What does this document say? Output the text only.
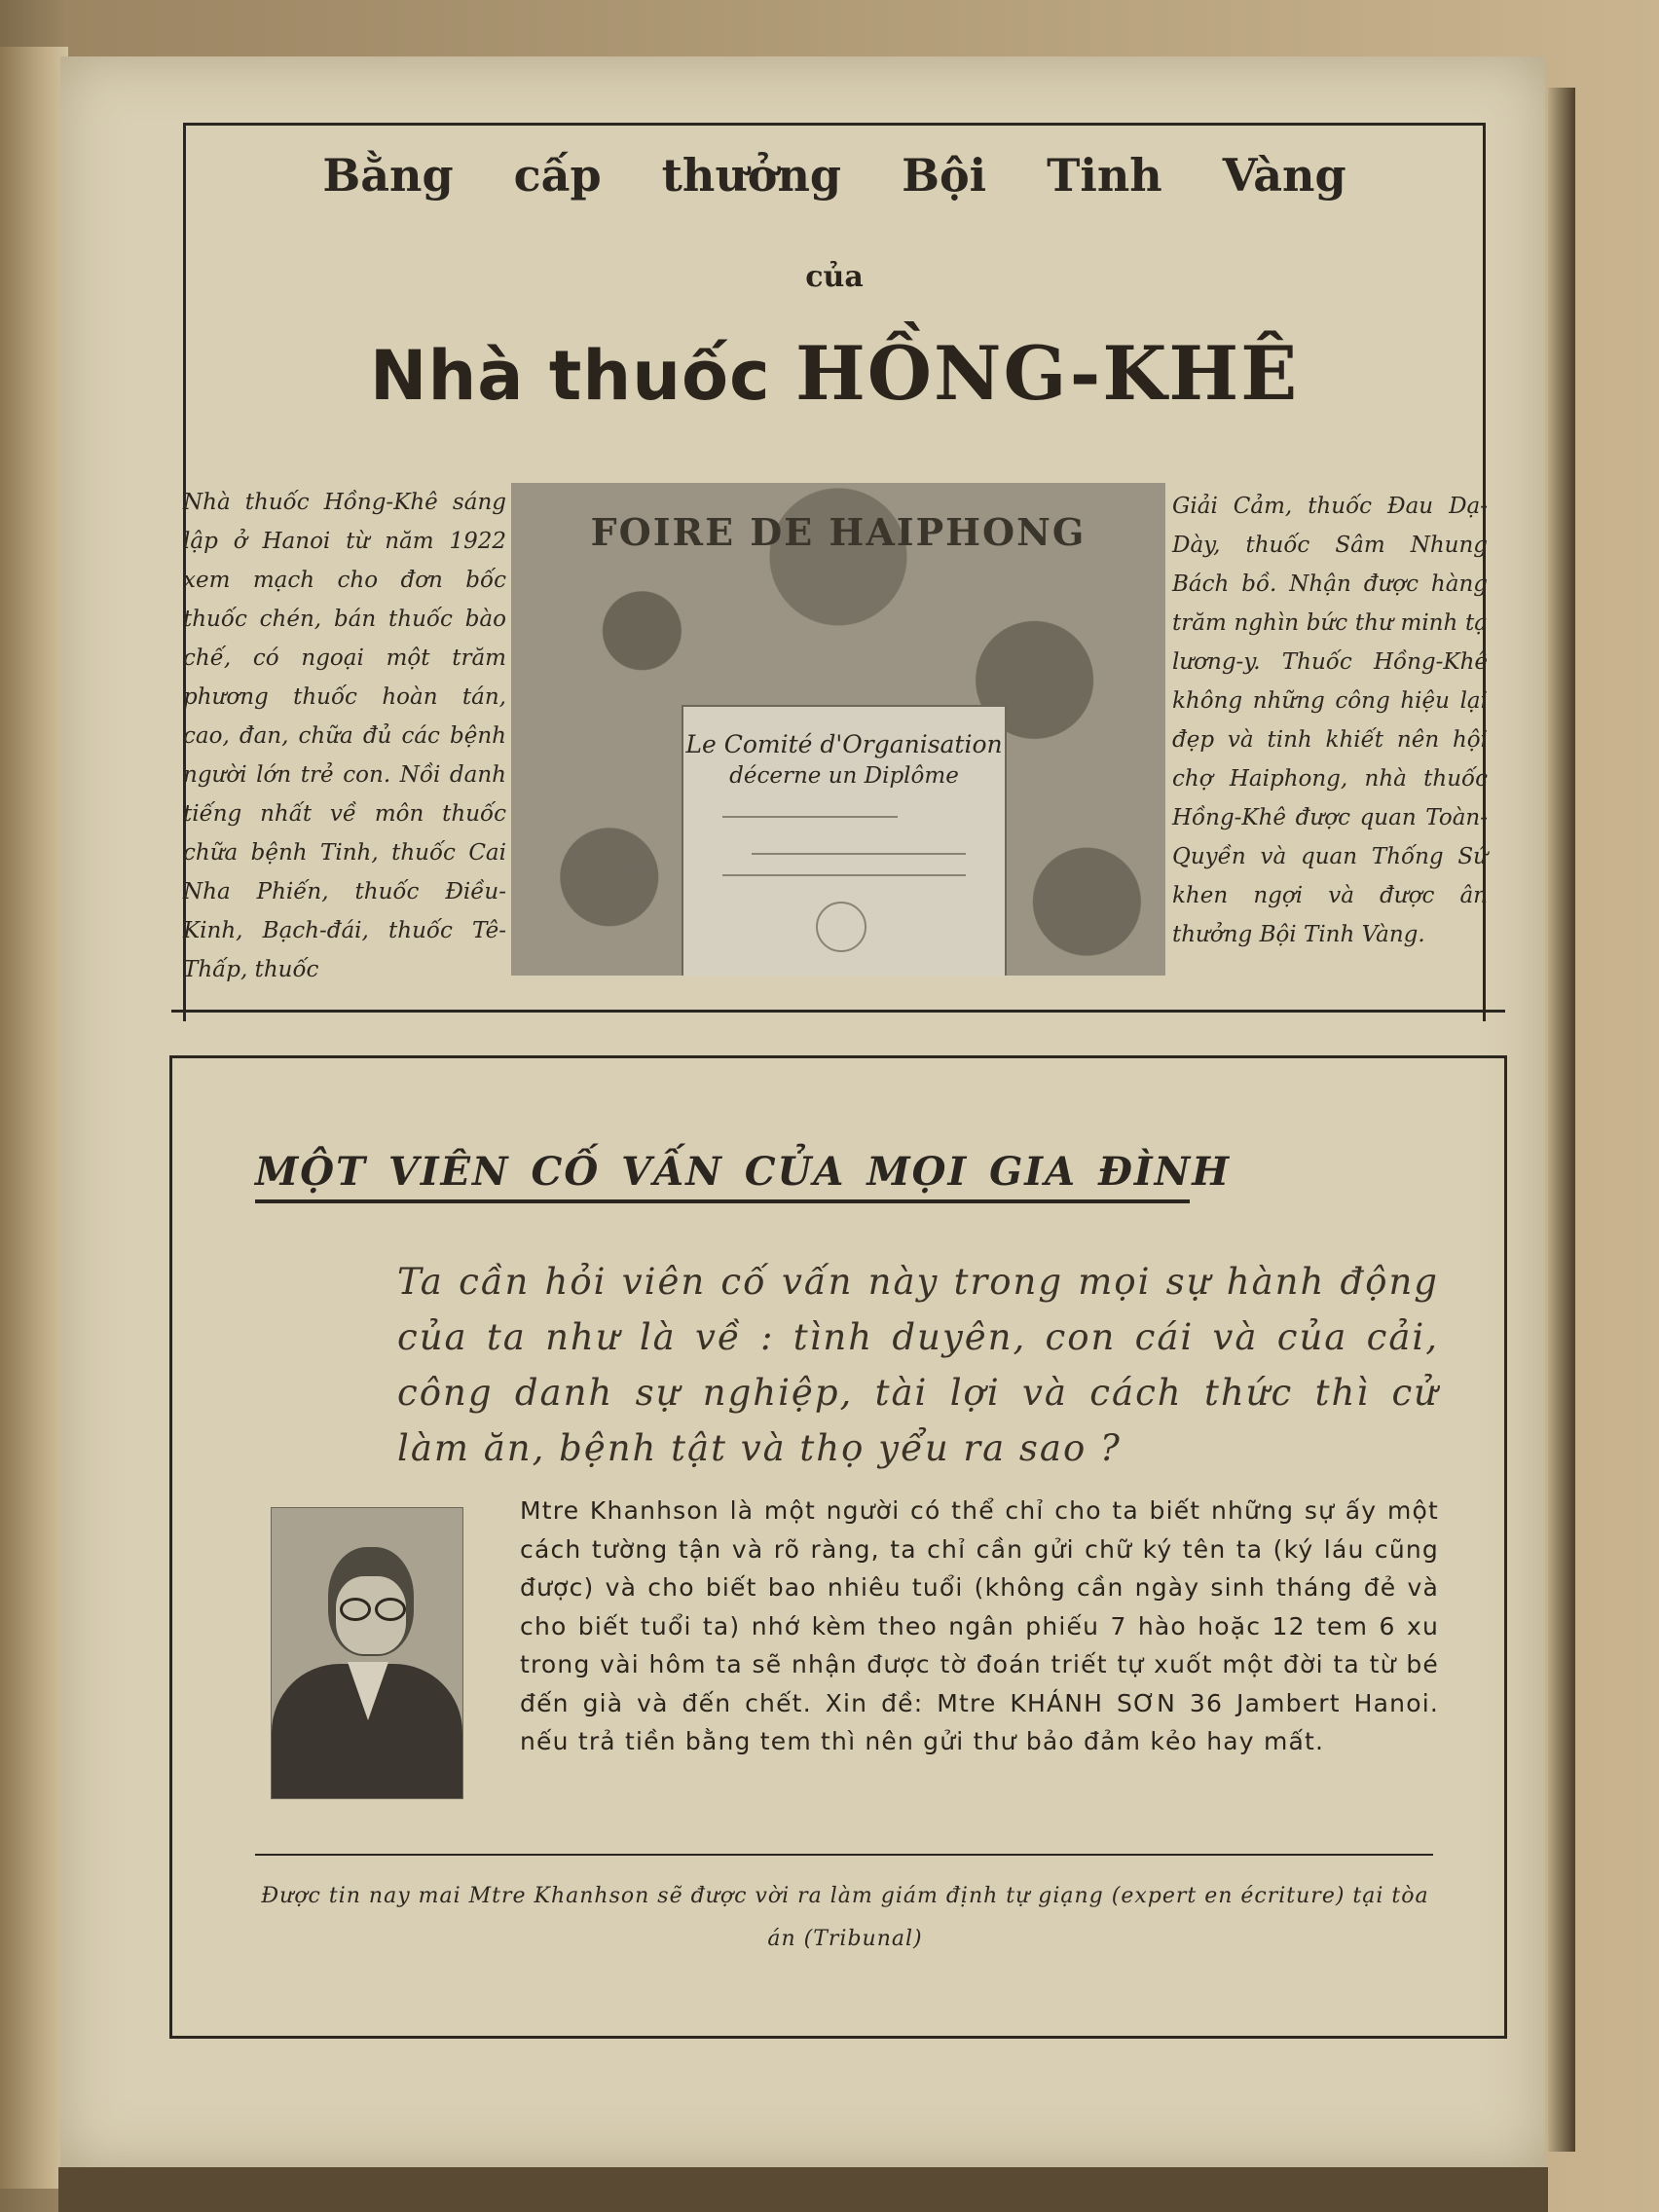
Bằng cấp thưởng Bội Tinh Vàng
của
Nhà thuốc HỒNG-KHÊ
Nhà thuốc Hồng-Khê sáng lập ở Hanoi từ năm 1922 xem mạch cho đơn bốc thuốc chén, bán thuốc bào chế, có ngoại một trăm phương thuốc hoàn tán, cao, đan, chữa đủ các bệnh người lớn trẻ con. Nồi danh tiếng nhất về môn thuốc chữa bệnh Tinh, thuốc Cai Nha Phiến, thuốc Điều-Kinh, Bạch-đái, thuốc Tê-Thấp, thuốc
FOIRE DE HAIPHONG
Le Comité d'Organisation
décerne un Diplôme
Giải Cảm, thuốc Đau Dạ-Dày, thuốc Sâm Nhung Bách bồ. Nhận được hàng trăm nghìn bức thư minh tạ lương-y. Thuốc Hồng-Khê không những công hiệu lại đẹp và tinh khiết nên hội chợ Haiphong, nhà thuốc Hồng-Khê được quan Toàn-Quyền và quan Thống Sứ khen ngợi và được ân thưởng Bội Tinh Vàng.
MỘT VIÊN CỐ VẤN CỦA MỌI GIA ĐÌNH
Ta cần hỏi viên cố vấn này trong mọi sự hành động của ta như là về : tình duyên, con cái và của cải, công danh sự nghiệp, tài lợi và cách thức thì cử làm ăn, bệnh tật và thọ yểu ra sao ?
Mtre Khanhson là một người có thể chỉ cho ta biết những sự ấy một cách tường tận và rõ ràng, ta chỉ cần gửi chữ ký tên ta (ký láu cũng được) và cho biết bao nhiêu tuổi (không cần ngày sinh tháng đẻ và cho biết tuổi ta) nhớ kèm theo ngân phiếu 7 hào hoặc 12 tem 6 xu trong vài hôm ta sẽ nhận được tờ đoán triết tự xuốt một đời ta từ bé đến già và đến chết. Xin đề: Mtre KHÁNH SƠN 36 Jambert Hanoi. nếu trả tiền bằng tem thì nên gửi thư bảo đảm kẻo hay mất.
Được tin nay mai Mtre Khanhson sẽ được vời ra làm giám định tự giạng (expert en écriture) tại tòa án (Tribunal)
